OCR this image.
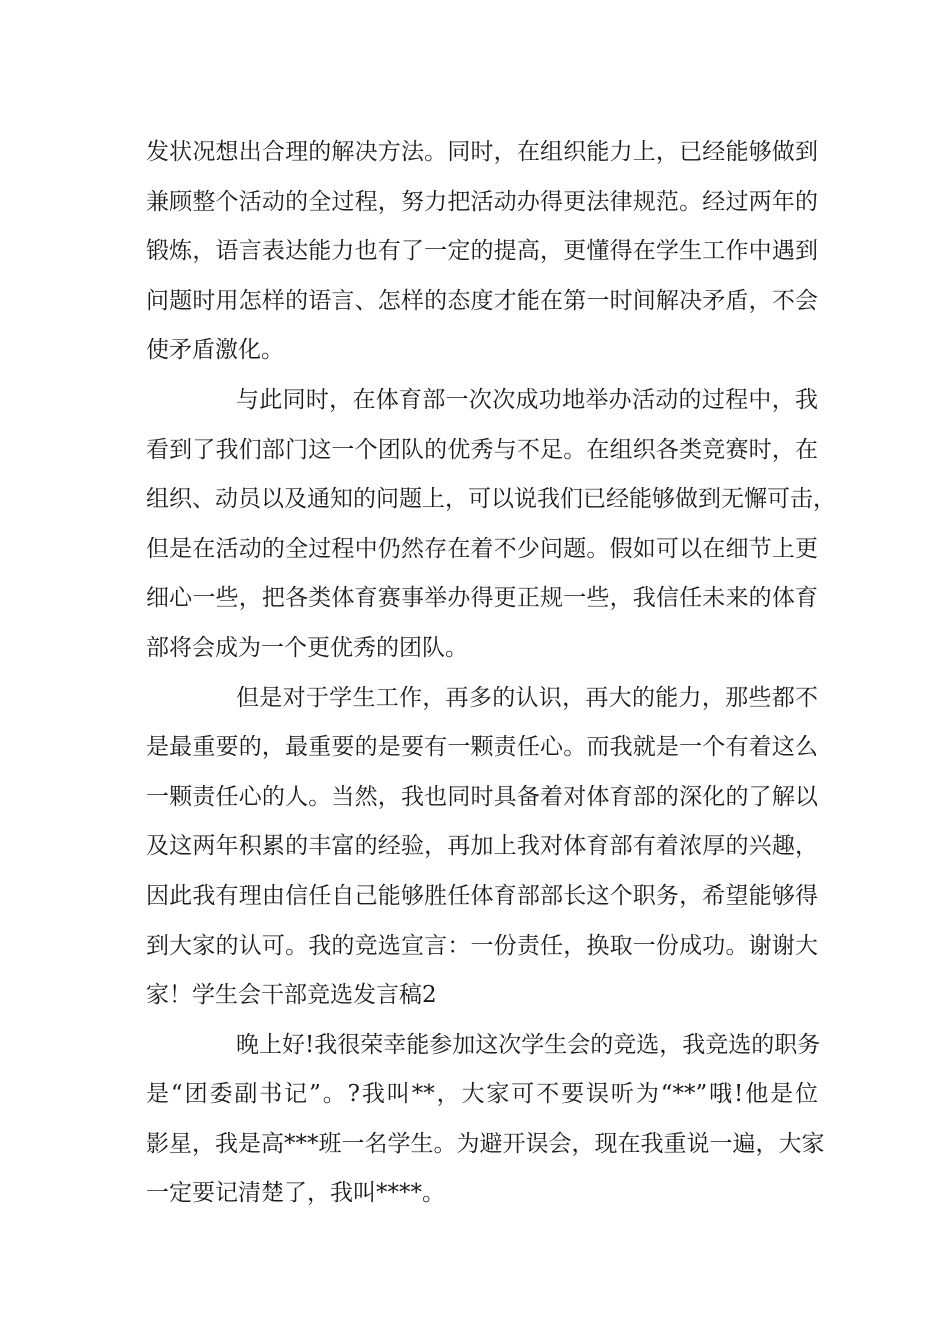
发状况想出合理的解决方法。同时，在组织能力上，已经能够做到
兼顾整个活动的全过程，努力把活动办得更法律规范。经过两年的
锻炼，语言表达能力也有了一定的提高，更懂得在学生工作中遇到
问题时用怎样的语言、怎样的态度才能在第一时间解决矛盾，不会
使矛盾激化。
与此同时，在体育部一次次成功地举办活动的过程中，我
看到了我们部门这一个团队的优秀与不足。在组织各类竞赛时，在
组织、动员以及通知的问题上，可以说我们已经能够做到无懈可击，
但是在活动的全过程中仍然存在着不少问题。假如可以在细节上更
细心一些，把各类体育赛事举办得更正规一些，我信任未来的体育
部将会成为一个更优秀的团队。
但是对于学生工作，再多的认识，再大的能力，那些都不
是最重要的，最重要的是要有一颗责任心。而我就是一个有着这么
一颗责任心的人。当然，我也同时具备着对体育部的深化的了解以
及这两年积累的丰富的经验，再加上我对体育部有着浓厚的兴趣，
因此我有理由信任自己能够胜任体育部部长这个职务，希望能够得
到大家的认可。我的竞选宣言：一份责任，换取一份成功。谢谢大
家！学生会干部竞选发言稿2
晚上好!我很荣幸能参加这次学生会的竞选，我竞选的职务
是“团委副书记”。?我叫**，大家可不要误听为“**”哦!他是位
影星，我是高***班一名学生。为避开误会，现在我重说一遍，大家
一定要记清楚了，我叫****。
